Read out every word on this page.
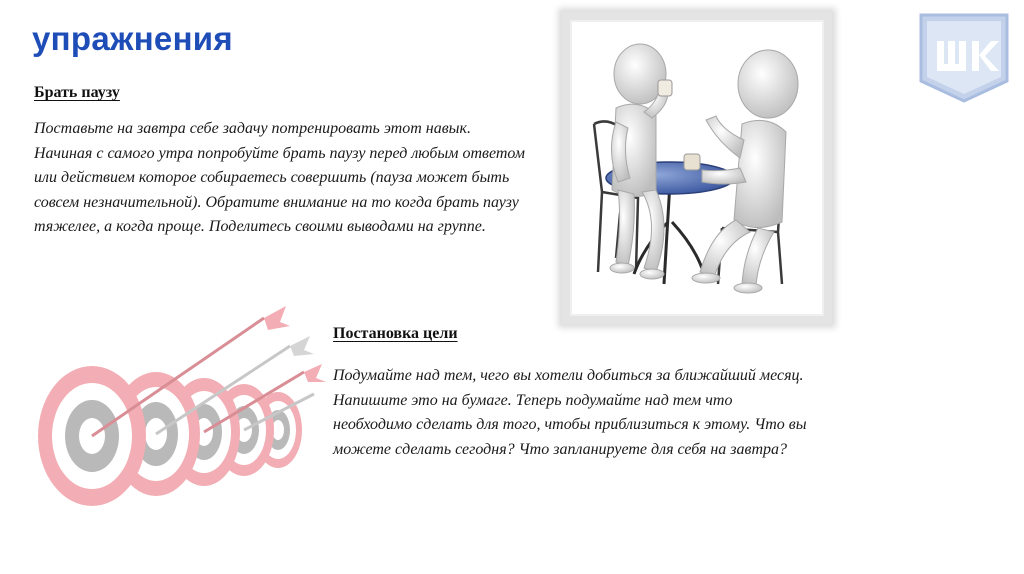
упражнения
Брать паузу
Поставьте на завтра себе задачу потренировать этот навык. Начиная с самого утра попробуйте брать паузу перед любым ответом или действием которое собираетесь совершить (пауза может быть совсем незначительной). Обратите внимание на то когда брать паузу тяжелее, а когда проще. Поделитесь своими выводами на группе.
Постановка цели
Подумайте над тем, чего вы хотели добиться за ближайший месяц. Напишите это на бумаге. Теперь подумайте над тем что необходимо сделать для того, чтобы приблизиться к этому. Что вы можете сделать сегодня? Что запланируете для себя на завтра?
